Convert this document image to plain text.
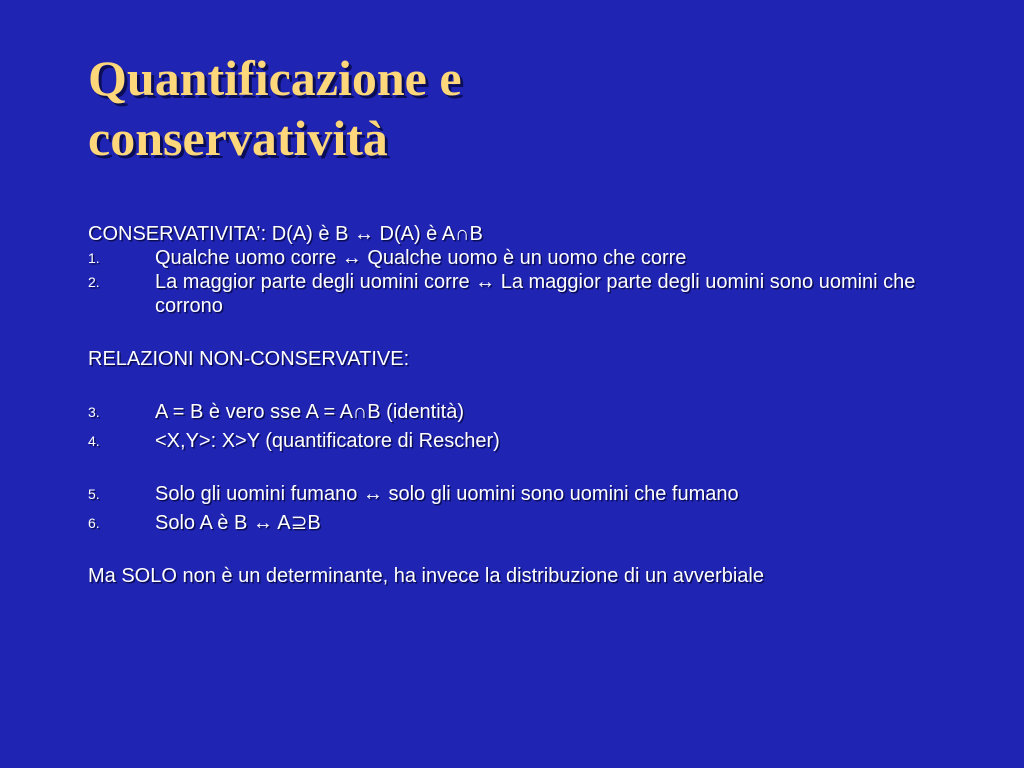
Quantificazione e
conservatività

CONSERVATIVITA’: D(A) è B ↔ D(A) è A∩B

1.	Qualche uomo corre ↔ Qualche uomo è un uomo che corre
2.	La maggior parte degli uomini corre ↔ La maggior parte degli uomini sono uomini che corrono

RELAZIONI NON-CONSERVATIVE:

3.	A = B è vero sse A = A∩B (identità)
4.	<X,Y>: X>Y (quantificatore di Rescher)
5.	Solo gli uomini fumano ↔ solo gli uomini sono uomini che fumano
6.	Solo A è B ↔ A⊇B

Ma SOLO non è un determinante, ha invece la distribuzione di un avverbiale
